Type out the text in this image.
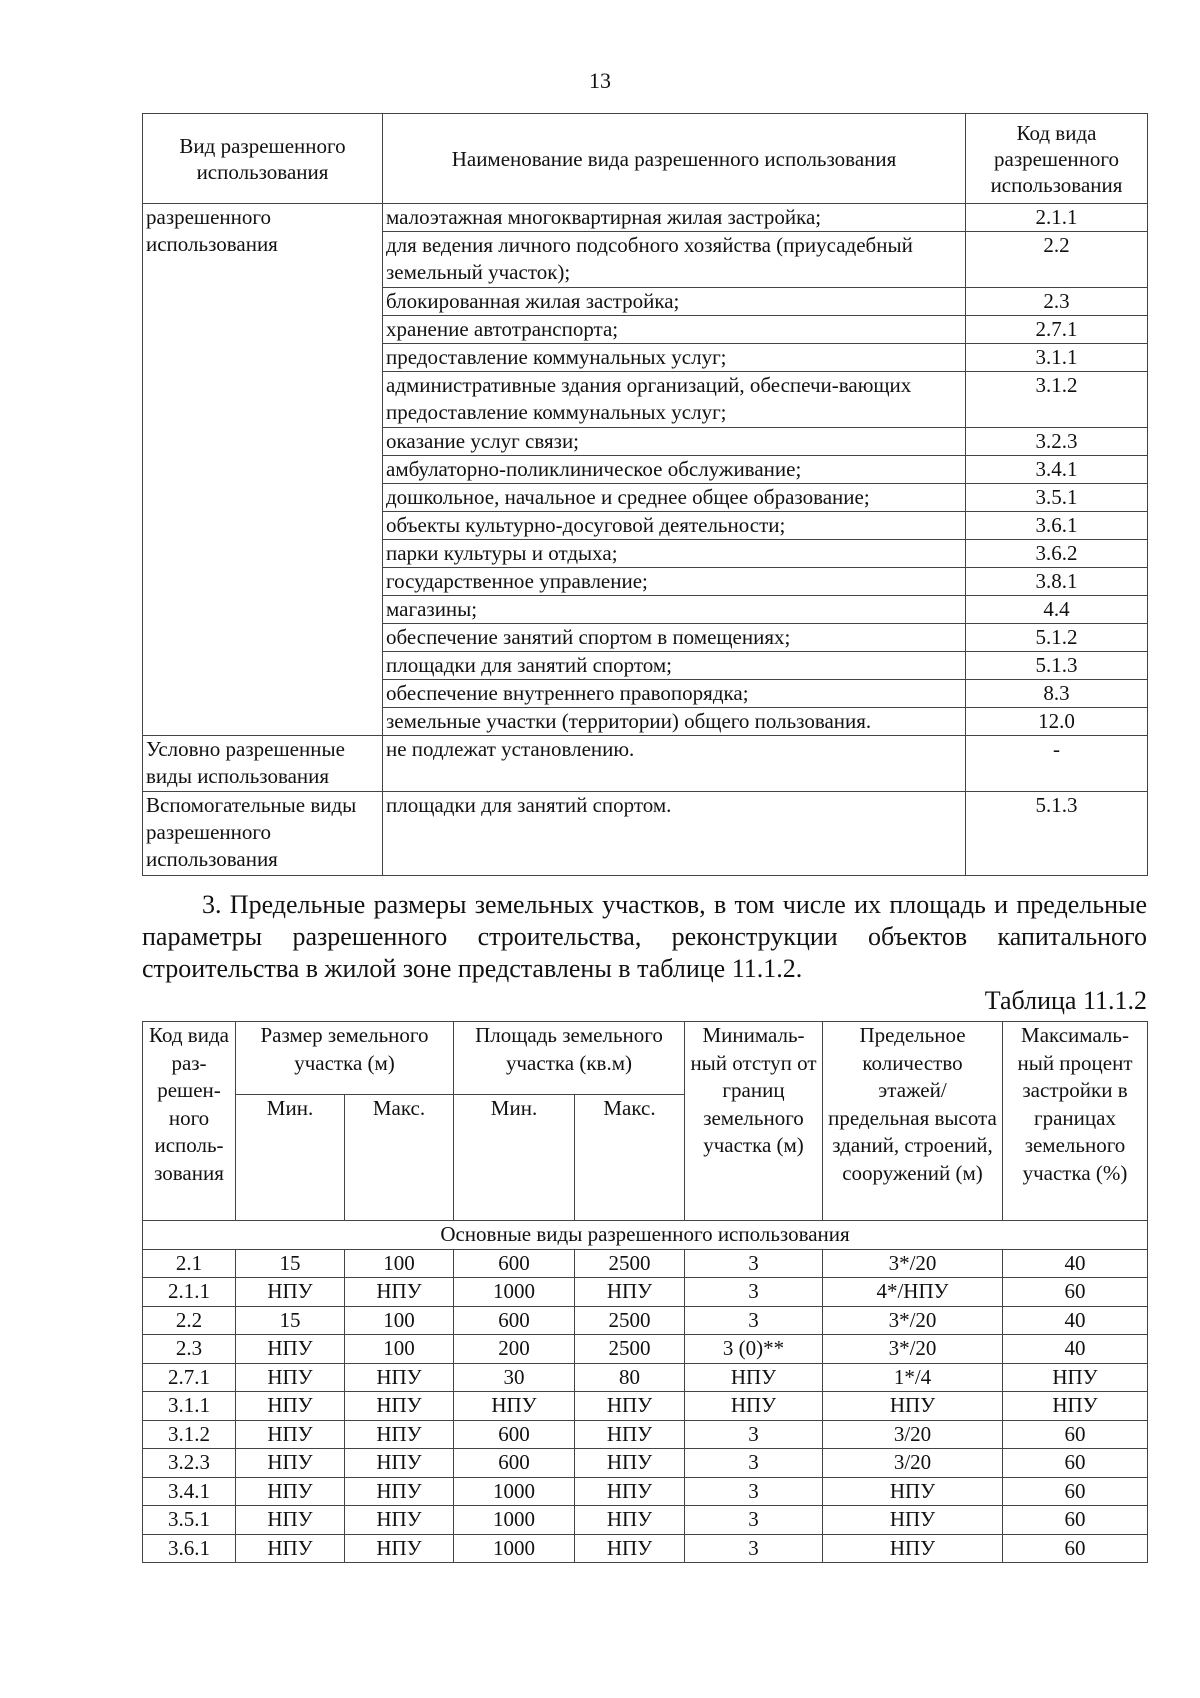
13
Вид разрешенного использования	Наименование вида разрешенного использования	Код вида разрешенного использования
разрешенного использования	малоэтажная многоквартирная жилая застройка;	2.1.1
	для ведения личного подсобного хозяйства (приусадебный земельный участок);	2.2
	блокированная жилая застройка;	2.3
	хранение автотранспорта;	2.7.1
	предоставление коммунальных услуг;	3.1.1
	административные здания организаций, обеспечи-вающих предоставление коммунальных услуг;	3.1.2
	оказание услуг связи;	3.2.3
	амбулаторно-поликлиническое обслуживание;	3.4.1
	дошкольное, начальное и среднее общее образование;	3.5.1
	объекты культурно-досуговой деятельности;	3.6.1
	парки культуры и отдыха;	3.6.2
	государственное управление;	3.8.1
	магазины;	4.4
	обеспечение занятий спортом в помещениях;	5.1.2
	площадки для занятий спортом;	5.1.3
	обеспечение внутреннего правопорядка;	8.3
	земельные участки (территории) общего пользования.	12.0
Условно разрешенные виды использования	не подлежат установлению.	-
Вспомогательные виды разрешенного использования	площадки для занятий спортом.	5.1.3

3. Предельные размеры земельных участков, в том числе их площадь и предельные параметры разрешенного строительства, реконструкции объектов капитального строительства в жилой зоне представлены в таблице 11.1.2.

Таблица 11.1.2
Код вида раз-решен-ного исполь-зования	Размер земельного участка (м)		Площадь земельного участка (кв.м)		Минималь-ный отступ от границ земельного участка (м)	Предельное количество этажей/ предельная высота зданий, строений, сооружений (м)	Максималь-ный процент застройки в границах земельного участка (%)
	Мин.	Макс.	Мин.	Макс.			
Основные виды разрешенного использования							
2.1	15	100	600	2500	3	3*/20	40
2.1.1	НПУ	НПУ	1000	НПУ	3	4*/НПУ	60
2.2	15	100	600	2500	3	3*/20	40
2.3	НПУ	100	200	2500	3 (0)**	3*/20	40
2.7.1	НПУ	НПУ	30	80	НПУ	1*/4	НПУ
3.1.1	НПУ	НПУ	НПУ	НПУ	НПУ	НПУ	НПУ
3.1.2	НПУ	НПУ	600	НПУ	3	3/20	60
3.2.3	НПУ	НПУ	600	НПУ	3	3/20	60
3.4.1	НПУ	НПУ	1000	НПУ	3	НПУ	60
3.5.1	НПУ	НПУ	1000	НПУ	3	НПУ	60
3.6.1	НПУ	НПУ	1000	НПУ	3	НПУ	60
